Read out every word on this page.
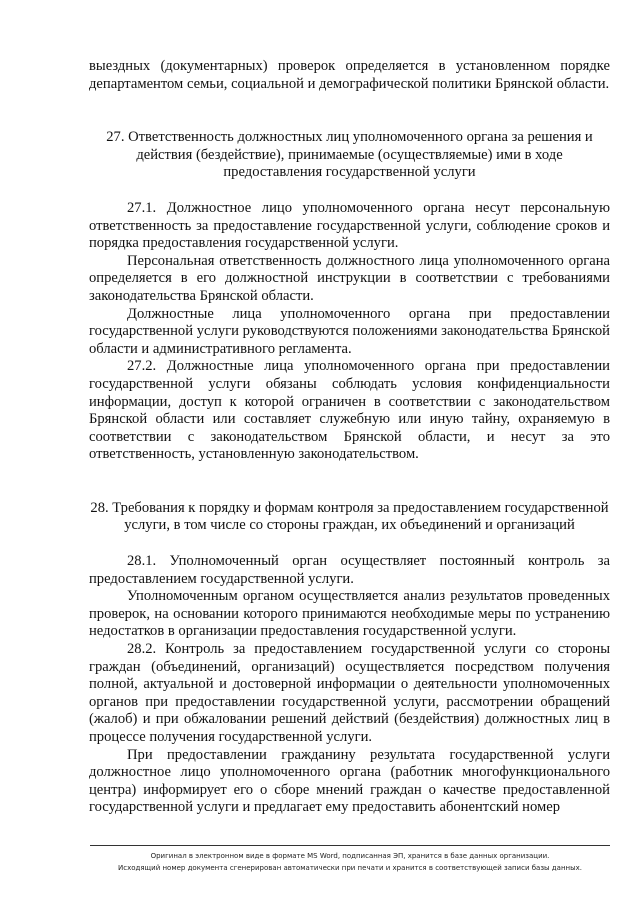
выездных (документарных) проверок определяется в установленном порядке департаментом семьи, социальной и демографической политики Брянской области.

27. Ответственность должностных лиц уполномоченного органа за решения и действия (бездействие), принимаемые (осуществляемые) ими в ходе предоставления государственной услуги

27.1. Должностное лицо уполномоченного органа несут персональную ответственность за предоставление государственной услуги, соблюдение сроков и порядка предоставления государственной услуги.

Персональная ответственность должностного лица уполномоченного органа определяется в его должностной инструкции в соответствии с требованиями законодательства Брянской области.

Должностные лица уполномоченного органа при предоставлении государственной услуги руководствуются положениями законодательства Брянской области и административного регламента.

27.2. Должностные лица уполномоченного органа при предоставлении государственной услуги обязаны соблюдать условия конфиденциальности информации, доступ к которой ограничен в соответствии с законодательством Брянской области или составляет служебную или иную тайну, охраняемую в соответствии с законодательством Брянской области, и несут за это ответственность, установленную законодательством.

28. Требования к порядку и формам контроля за предоставлением государственной услуги, в том числе со стороны граждан, их объединений и организаций

28.1. Уполномоченный орган осуществляет постоянный контроль за предоставлением государственной услуги.

Уполномоченным органом осуществляется анализ результатов проведенных проверок, на основании которого принимаются необходимые меры по устранению недостатков в организации предоставления государственной услуги.

28.2. Контроль за предоставлением государственной услуги со стороны граждан (объединений, организаций) осуществляется посредством получения полной, актуальной и достоверной информации о деятельности уполномоченных органов при предоставлении государственной услуги, рассмотрении обращений (жалоб) и при обжаловании решений действий (бездействия) должностных лиц в процессе получения государственной услуги.

При предоставлении гражданину результата государственной услуги должностное лицо уполномоченного органа (работник многофункционального центра) информирует его о сборе мнений граждан о качестве предоставленной государственной услуги и предлагает ему предоставить абонентский номер

Оригинал в электронном виде в формате MS Word, подписанная ЭП, хранится в базе данных организации.
Исходящий номер документа сгенерирован автоматически при печати и хранится в соответствующей записи базы данных.
